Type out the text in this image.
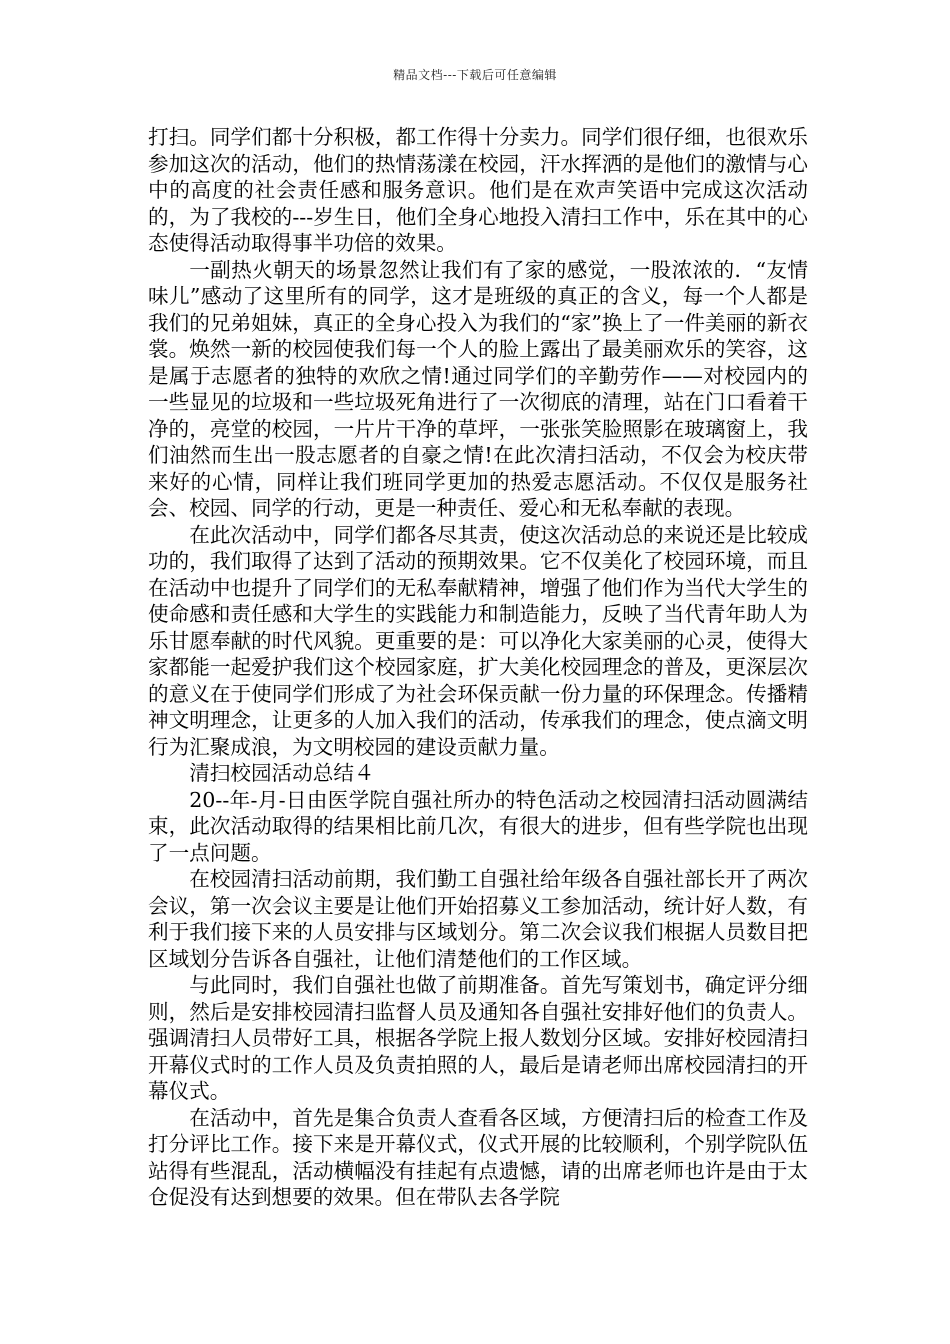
精品文档---下载后可任意编辑

打扫。同学们都十分积极，都工作得十分卖力。同学们很仔细，也很欢乐参加这次的活动，他们的热情荡漾在校园，汗水挥洒的是他们的激情与心中的高度的社会责任感和服务意识。他们是在欢声笑语中完成这次活动的，为了我校的---岁生日，他们全身心地投入清扫工作中，乐在其中的心态使得活动取得事半功倍的效果。

一副热火朝天的场景忽然让我们有了家的感觉，一股浓浓的．“友情味儿”感动了这里所有的同学，这才是班级的真正的含义，每一个人都是我们的兄弟姐妹，真正的全身心投入为我们的“家”换上了一件美丽的新衣裳。焕然一新的校园使我们每一个人的脸上露出了最美丽欢乐的笑容，这是属于志愿者的独特的欢欣之情!通过同学们的辛勤劳作——对校园内的一些显见的垃圾和一些垃圾死角进行了一次彻底的清理，站在门口看着干净的，亮堂的校园，一片片干净的草坪，一张张笑脸照影在玻璃窗上，我们油然而生出一股志愿者的自豪之情!在此次清扫活动，不仅会为校庆带来好的心情，同样让我们班同学更加的热爱志愿活动。不仅仅是服务社会、校园、同学的行动，更是一种责任、爱心和无私奉献的表现。

在此次活动中，同学们都各尽其责，使这次活动总的来说还是比较成功的，我们取得了达到了活动的预期效果。它不仅美化了校园环境，而且在活动中也提升了同学们的无私奉献精神，增强了他们作为当代大学生的使命感和责任感和大学生的实践能力和制造能力，反映了当代青年助人为乐甘愿奉献的时代风貌。更重要的是：可以净化大家美丽的心灵，使得大家都能一起爱护我们这个校园家庭，扩大美化校园理念的普及，更深层次的意义在于使同学们形成了为社会环保贡献一份力量的环保理念。传播精神文明理念，让更多的人加入我们的活动，传承我们的理念，使点滴文明行为汇聚成浪，为文明校园的建设贡献力量。

清扫校园活动总结４

20--年-月-日由医学院自强社所办的特色活动之校园清扫活动圆满结束，此次活动取得的结果相比前几次，有很大的进步，但有些学院也出现了一点问题。

在校园清扫活动前期，我们勤工自强社给年级各自强社部长开了两次会议，第一次会议主要是让他们开始招募义工参加活动，统计好人数，有利于我们接下来的人员安排与区域划分。第二次会议我们根据人员数目把区域划分告诉各自强社，让他们清楚他们的工作区域。

与此同时，我们自强社也做了前期准备。首先写策划书，确定评分细则，然后是安排校园清扫监督人员及通知各自强社安排好他们的负责人。强调清扫人员带好工具，根据各学院上报人数划分区域。安排好校园清扫开幕仪式时的工作人员及负责拍照的人，最后是请老师出席校园清扫的开幕仪式。

在活动中，首先是集合负责人查看各区域，方便清扫后的检查工作及打分评比工作。接下来是开幕仪式，仪式开展的比较顺利，个别学院队伍站得有些混乱，活动横幅没有挂起有点遗憾，请的出席老师也许是由于太仓促没有达到想要的效果。但在带队去各学院
